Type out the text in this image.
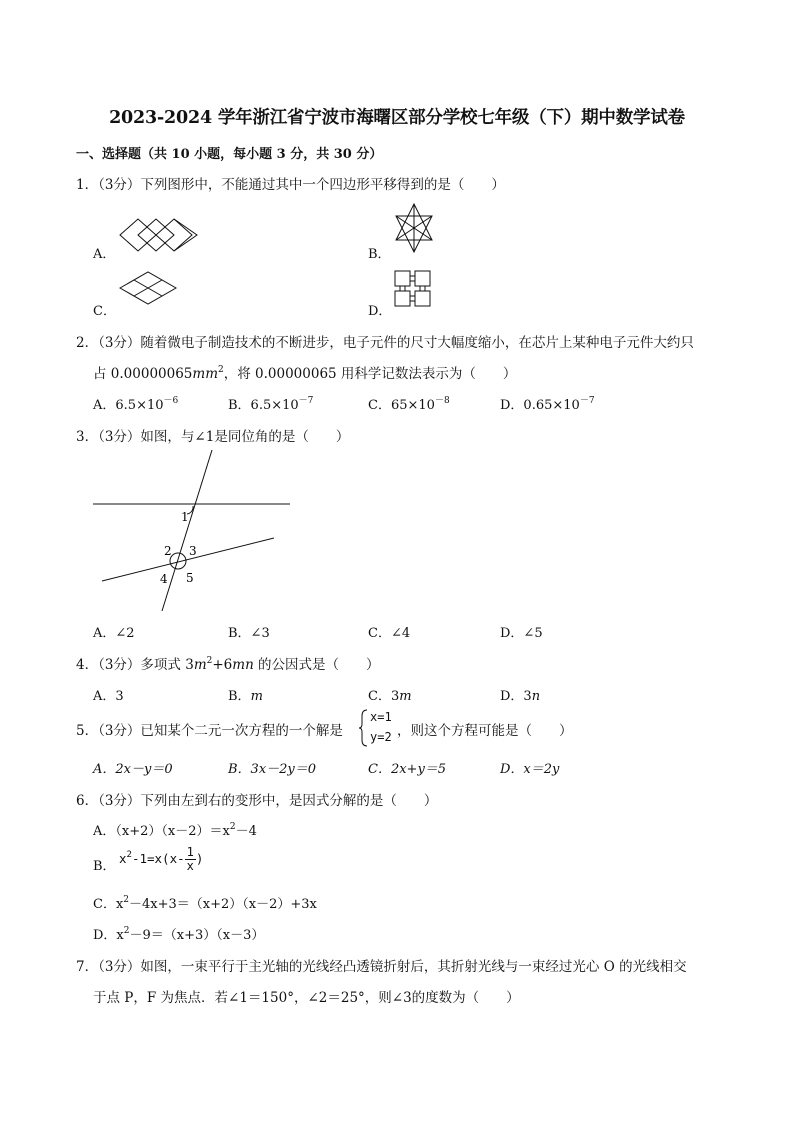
2023-2024 学年浙江省宁波市海曙区部分学校七年级（下）期中数学试卷
一、选择题（共 10 小题，每小题 3 分，共 30 分）
1．（3分）下列图形中，不能通过其中一个四边形平移得到的是（　　）
A．	B．
C．	D．
2．（3分）随着微电子制造技术的不断进步，电子元件的尺寸大幅度缩小，在芯片上某种电子元件大约只
占 $0.00000065mm^2$，将 0.00000065 用科学记数法表示为（　　）
A．$6.5\times 10^{-6}$	B．$6.5\times 10^{-7}$	C．$65\times 10^{-8}$	D．$0.65\times 10^{-7}$
3．（3分）如图，与∠1是同位角的是（　　）
1
2 3
4 5
A．∠2	B．∠3	C．∠4	D．∠5
4．（3分）多项式 $3m^2+6mn$ 的公因式是（　　）
A．3	B．m	C．3m	D．3n
5．（3分）已知某个二元一次方程的一个解是
x=1
y=2 ，则这个方程可能是（　　）
A．2x－y＝0	B．3x－2y＝0	C．2x+y＝5	D．x＝2y
6．（3分）下列由左到右的变形中，是因式分解的是（　　）
A．$(x+2)(x-2)=x^2-4$
B．
$x^2-1=x(x- \frac{1}{x}$ )
C．$x^2-4x+3=(x+2)(x-2)+3x$
D．$x^2-9=(x+3)(x-3)$
7．（3分）如图，一束平行于主光轴的光线经凸透镜折射后，其折射光线与一束经过光心 O 的光线相交
于点 P，F 为焦点．若∠1＝150°，∠2＝25°，则∠3的度数为（　　）
